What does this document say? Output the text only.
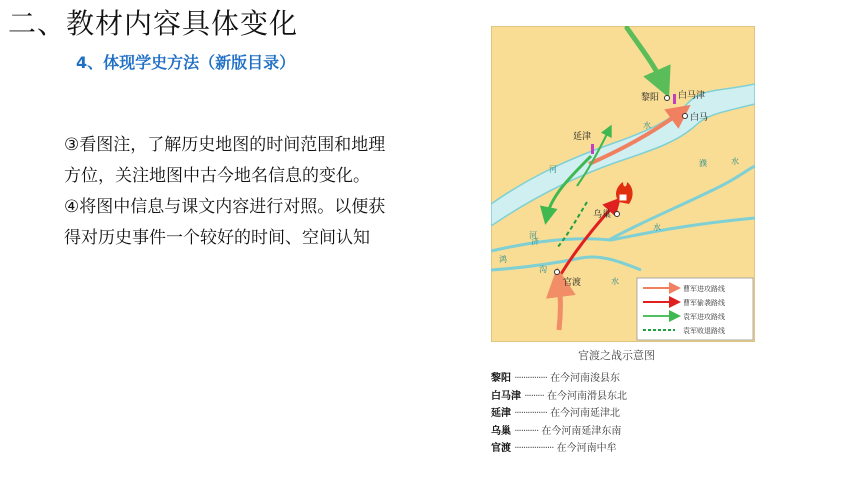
二、教材内容具体变化
4、体现学史方法（新版目录）

③看图注，了解历史地图的时间范围和地理方位，关注地图中古今地名信息的变化。

④将图中信息与课文内容进行对照。以便获得对历史事件一个较好的时间、空间认知

黎阳 白马津
白马
延津
乌巢
官渡
河
水
濮	水
河
济
水
鸿
沟
水
曹军进攻路线
曹军偷袭路线
袁军进攻路线
袁军败退路线
官渡之战示意图
黎阳 ··············· 在今河南浚县东
白马津 ········· 在今河南滑县东北
延津 ··············· 在今河南延津北
乌巢 ··········· 在今河南延津东南
官渡 ·················· 在今河南中牟
